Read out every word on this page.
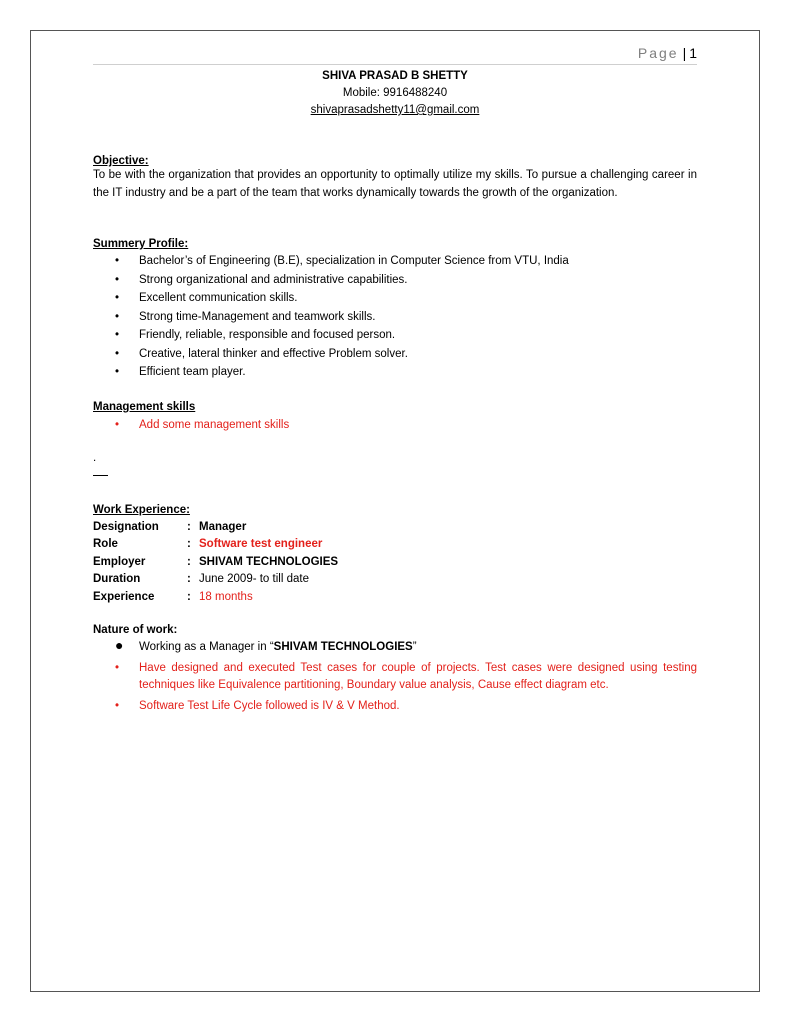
Page | 1
SHIVA PRASAD B SHETTY
Mobile: 9916488240
shivaprasadshetty11@gmail.com
Objective:
To be with the organization that provides an opportunity to optimally utilize my skills. To pursue a challenging career in the IT industry and be a part of the team that works dynamically towards the growth of the organization.
Summery Profile:
• Bachelor’s of Engineering (B.E), specialization in Computer Science from VTU, India
• Strong organizational and administrative capabilities.
• Excellent communication skills.
• Strong time-Management and teamwork skills.
• Friendly, reliable, responsible and focused person.
• Creative, lateral thinker and effective Problem solver.
• Efficient team player.
Management skills
• Add some management skills
.
Work Experience:
Designation	: Manager
Role	: Software test engineer
Employer	: SHIVAM TECHNOLOGIES
Duration	: June 2009- to till date
Experience	: 18 months
Nature of work:
● Working as a Manager in “SHIVAM TECHNOLOGIES”
• Have designed and executed Test cases for couple of projects. Test cases were designed using testing techniques like Equivalence partitioning, Boundary value analysis, Cause effect diagram etc.
• Software Test Life Cycle followed is IV & V Method.
